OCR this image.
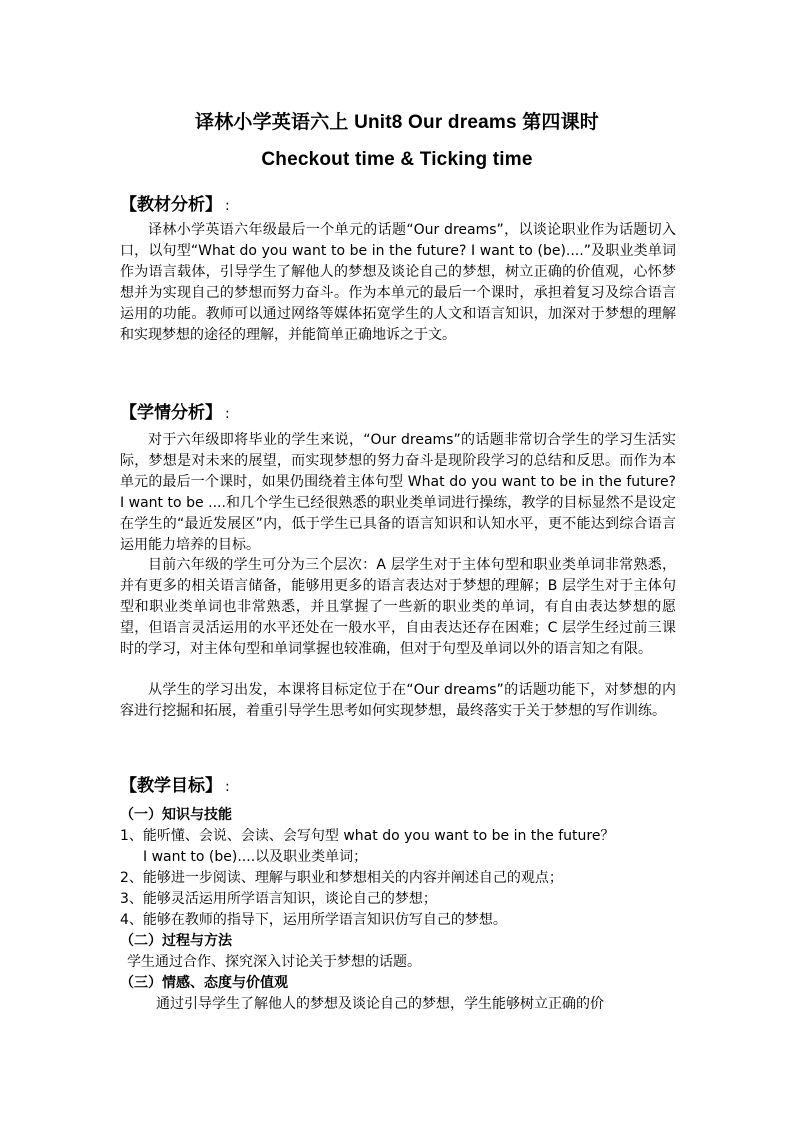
译林小学英语六上 Unit8 Our dreams 第四课时
Checkout time & Ticking time
【教材分析】 :

译林小学英语六年级最后一个单元的话题“Our dreams”，以谈论职业作为话题切入口，以句型“What do you want to be in the future? I want to (be)....”及职业类单词作为语言载体，引导学生了解他人的梦想及谈论自己的梦想，树立正确的价值观，心怀梦想并为实现自己的梦想而努力奋斗。作为本单元的最后一个课时，承担着复习及综合语言运用的功能。教师可以通过网络等媒体拓宽学生的人文和语言知识，加深对于梦想的理解和实现梦想的途径的理解，并能简单正确地诉之于文。

【学情分析】 :

对于六年级即将毕业的学生来说，“Our dreams”的话题非常切合学生的学习生活实际，梦想是对未来的展望，而实现梦想的努力奋斗是现阶段学习的总结和反思。而作为本单元的最后一个课时，如果仍围绕着主体句型 What do you want to be in the future? I want to be ....和几个学生已经很熟悉的职业类单词进行操练，教学的目标显然不是设定在学生的“最近发展区”内，低于学生已具备的语言知识和认知水平，更不能达到综合语言运用能力培养的目标。

目前六年级的学生可分为三个层次：A 层学生对于主体句型和职业类单词非常熟悉，并有更多的相关语言储备，能够用更多的语言表达对于梦想的理解；B 层学生对于主体句型和职业类单词也非常熟悉，并且掌握了一些新的职业类的单词，有自由表达梦想的愿望，但语言灵活运用的水平还处在一般水平，自由表达还存在困难；C 层学生经过前三课时的学习，对主体句型和单词掌握也较准确，但对于句型及单词以外的语言知之有限。

从学生的学习出发，本课将目标定位于在“Our dreams”的话题功能下，对梦想的内容进行挖掘和拓展，着重引导学生思考如何实现梦想，最终落实于关于梦想的写作训练。

【教学目标】 :
（一）知识与技能
1、能听懂、会说、会读、会写句型 what do you want to be in the future？
I want to (be)....以及职业类单词；
2、能够进一步阅读、理解与职业和梦想相关的内容并阐述自己的观点；
3、能够灵活运用所学语言知识，谈论自己的梦想；
4、能够在教师的指导下，运用所学语言知识仿写自己的梦想。
（二）过程与方法
学生通过合作、探究深入讨论关于梦想的话题。
（三）情感、态度与价值观
通过引导学生了解他人的梦想及谈论自己的梦想，学生能够树立正确的价
